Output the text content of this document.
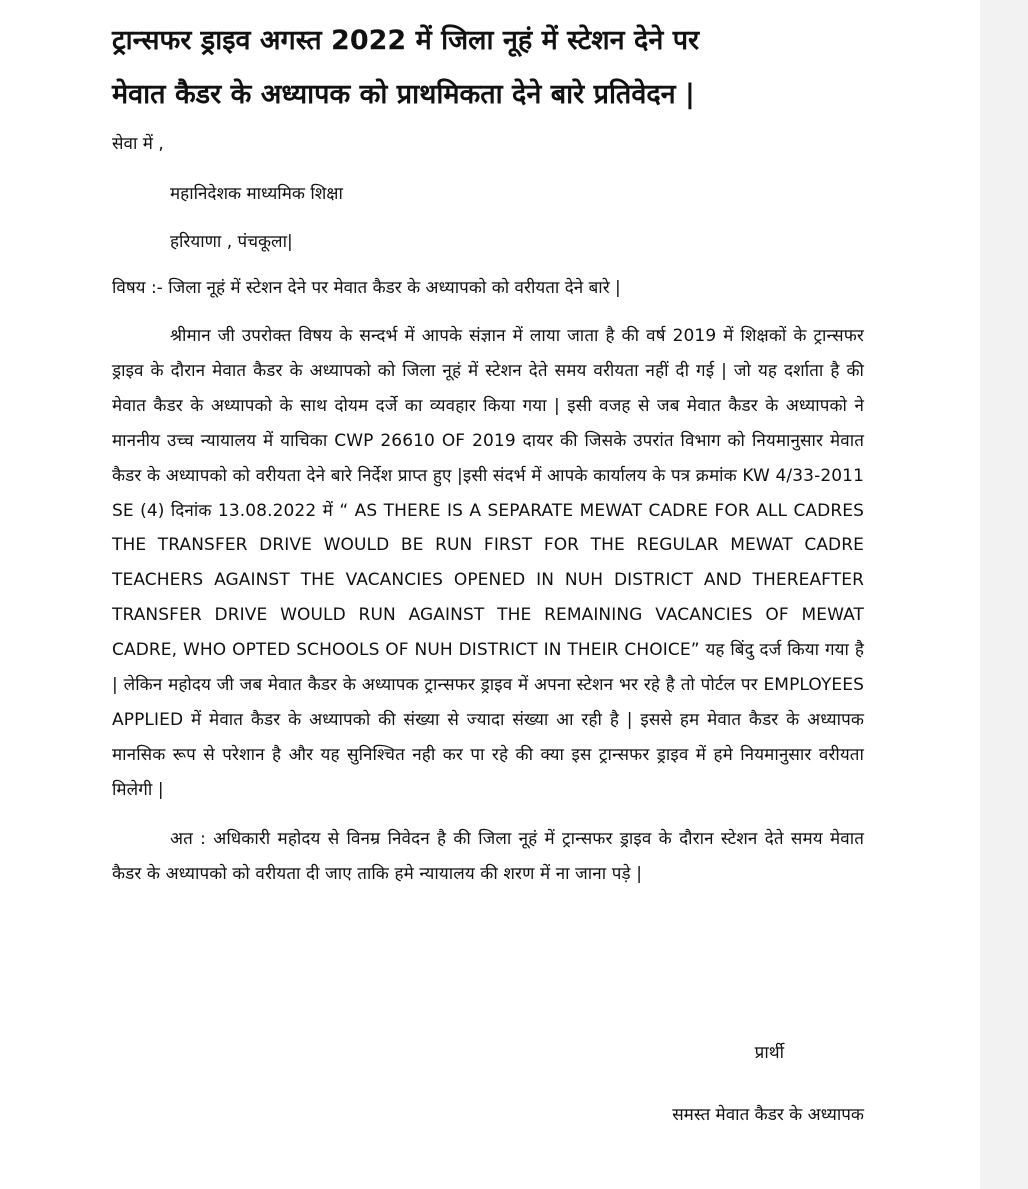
ट्रान्सफर ड्राइव अगस्त 2022 में जिला नूहं में स्टेशन देने पर
मेवात कैडर के अध्यापक को प्राथमिकता देने बारे प्रतिवेदन |
सेवा में ,
महानिदेशक माध्यमिक शिक्षा
हरियाणा , पंचकूला|
विषय :- जिला नूहं में स्टेशन देने पर मेवात कैडर के अध्यापको को वरीयता देने बारे |

श्रीमान जी उपरोक्त विषय के सन्दर्भ में आपके संज्ञान में लाया जाता है की वर्ष 2019 में शिक्षकों के ट्रान्सफर ड्राइव के दौरान मेवात कैडर के अध्यापको को जिला नूहं में स्टेशन देते समय वरीयता नहीं दी गई | जो यह दर्शाता है की मेवात कैडर के अध्यापको के साथ दोयम दर्जे का व्यवहार किया गया | इसी वजह से जब मेवात कैडर के अध्यापको ने माननीय उच्च न्यायालय में याचिका CWP 26610 OF 2019 दायर की जिसके उपरांत विभाग को नियमानुसार मेवात कैडर के अध्यापको को वरीयता देने बारे निर्देश प्राप्त हुए |इसी संदर्भ में आपके कार्यालय के पत्र क्रमांक KW 4/33-2011 SE (4) दिनांक 13.08.2022 में “ AS THERE IS A SEPARATE MEWAT CADRE FOR ALL CADRES THE TRANSFER DRIVE WOULD BE RUN FIRST FOR THE REGULAR MEWAT CADRE TEACHERS AGAINST THE VACANCIES OPENED IN NUH DISTRICT AND THEREAFTER TRANSFER DRIVE WOULD RUN AGAINST THE REMAINING VACANCIES OF MEWAT CADRE, WHO OPTED SCHOOLS OF NUH DISTRICT IN THEIR CHOICE” यह बिंदु दर्ज किया गया है | लेकिन महोदय जी जब मेवात कैडर के अध्यापक ट्रान्सफर ड्राइव में अपना स्टेशन भर रहे है तो पोर्टल पर EMPLOYEES APPLIED में मेवात कैडर के अध्यापको की संख्या से ज्यादा संख्या आ रही है | इससे हम मेवात कैडर के अध्यापक मानसिक रूप से परेशान है और यह सुनिश्चित नही कर पा रहे की क्या इस ट्रान्सफर ड्राइव में हमे नियमानुसार वरीयता मिलेगी |

अत : अधिकारी महोदय से विनम्र निवेदन है की जिला नूहं में ट्रान्सफर ड्राइव के दौरान स्टेशन देते समय मेवात कैडर के अध्यापको को वरीयता दी जाए ताकि हमे न्यायालय की शरण में ना जाना पड़े |

प्रार्थी
समस्त मेवात कैडर के अध्यापक
